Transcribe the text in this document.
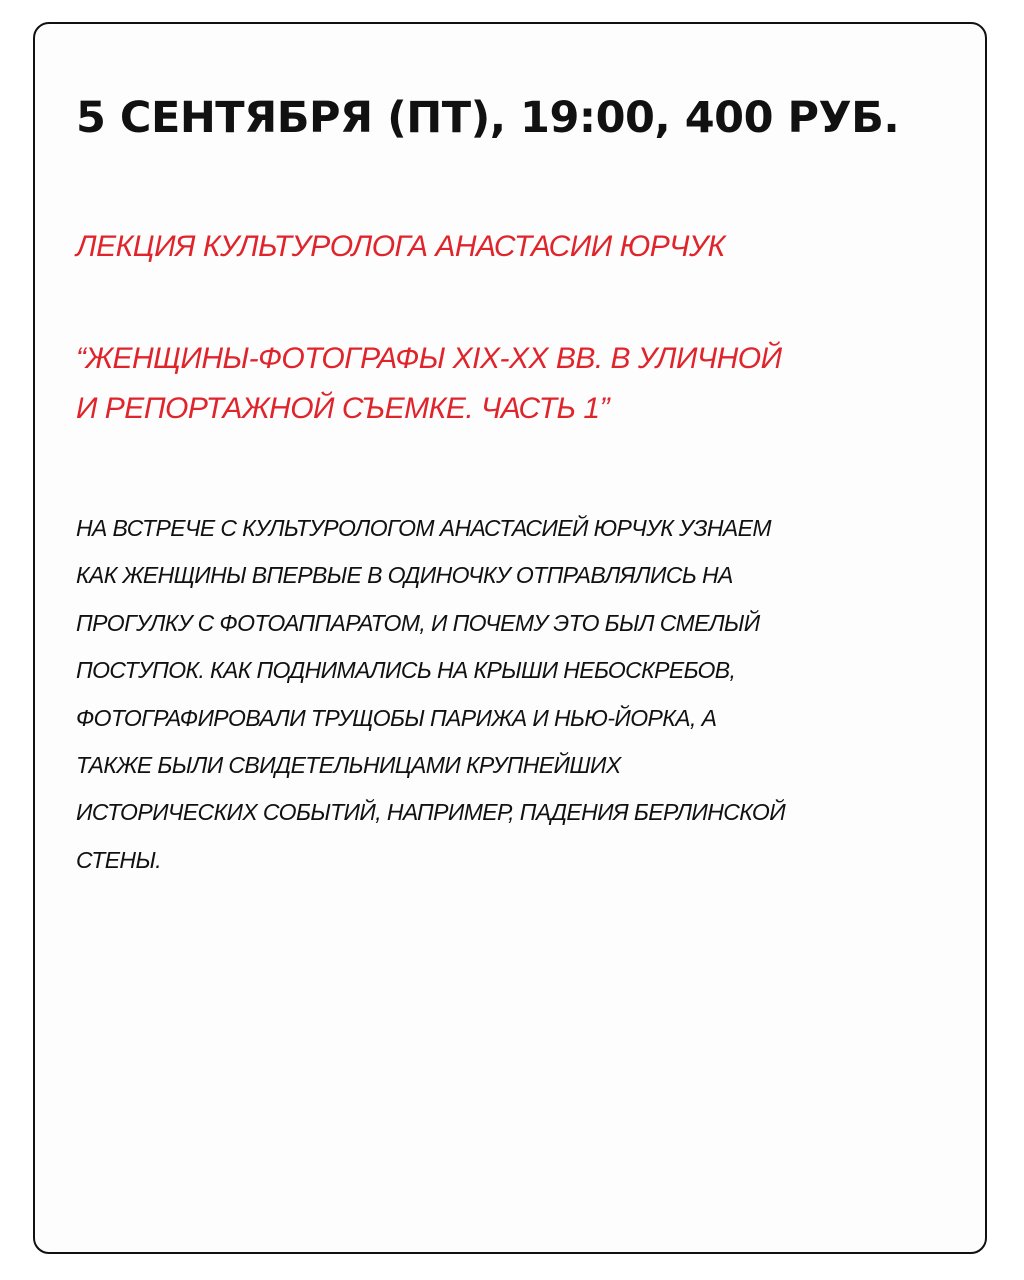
5 СЕНТЯБРЯ (ПТ), 19:00, 400 РУБ.

ЛЕКЦИЯ КУЛЬТУРОЛОГА АНАСТАСИИ ЮРЧУК

“ЖЕНЩИНЫ-ФОТОГРАФЫ XIX-XX ВВ. В УЛИЧНОЙ

И РЕПОРТАЖНОЙ СЪЕМКЕ. ЧАСТЬ 1”

НА ВСТРЕЧЕ С КУЛЬТУРОЛОГОМ АНАСТАСИЕЙ ЮРЧУК УЗНАЕМ
КАК ЖЕНЩИНЫ ВПЕРВЫЕ В ОДИНОЧКУ ОТПРАВЛЯЛИСЬ НА
ПРОГУЛКУ С ФОТОАППАРАТОМ, И ПОЧЕМУ ЭТО БЫЛ СМЕЛЫЙ
ПОСТУПОК. КАК ПОДНИМАЛИСЬ НА КРЫШИ НЕБОСКРЕБОВ,
ФОТОГРАФИРОВАЛИ ТРУЩОБЫ ПАРИЖА И НЬЮ-ЙОРКА, А
ТАКЖЕ БЫЛИ СВИДЕТЕЛЬНИЦАМИ КРУПНЕЙШИХ
ИСТОРИЧЕСКИХ СОБЫТИЙ, НАПРИМЕР, ПАДЕНИЯ БЕРЛИНСКОЙ
СТЕНЫ.
